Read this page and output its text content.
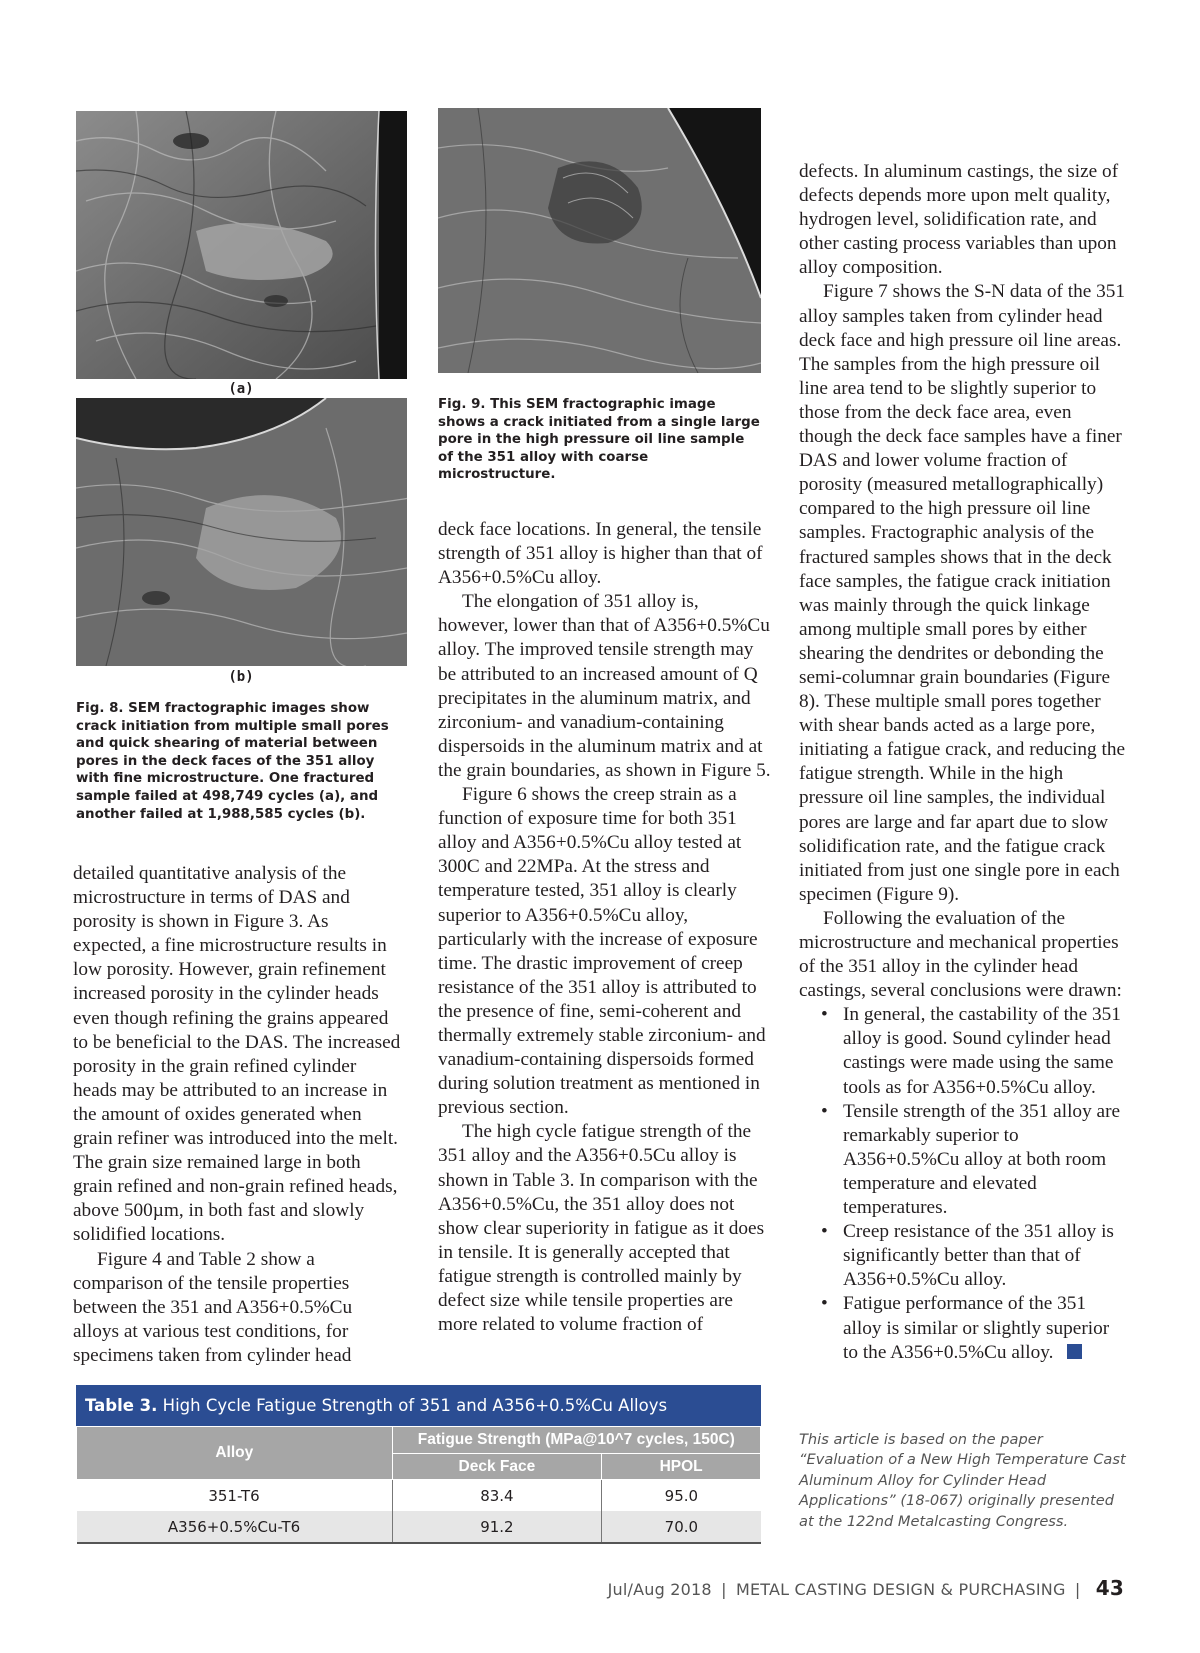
(a)
(b)

Fig. 8. SEM fractographic images show crack initiation from multiple small pores and quick shearing of material between pores in the deck faces of the 351 alloy with fine microstructure. One fractured sample failed at 498,749 cycles (a), and another failed at 1,988,585 cycles (b).

Fig. 9. This SEM fractographic image shows a crack initiated from a single large pore in the high pressure oil line sample of the 351 alloy with coarse microstructure.

detailed quantitative analysis of the microstructure in terms of DAS and porosity is shown in Figure 3. As expected, a fine microstructure results in low porosity. However, grain refinement increased porosity in the cylinder heads even though refining the grains appeared to be beneficial to the DAS. The increased porosity in the grain refined cylinder heads may be attributed to an increase in the amount of oxides generated when grain refiner was introduced into the melt. The grain size remained large in both grain refined and non-grain refined heads, above 500µm, in both fast and slowly solidified locations.

Figure 4 and Table 2 show a comparison of the tensile properties between the 351 and A356+0.5%Cu alloys at various test conditions, for specimens taken from cylinder head

deck face locations. In general, the tensile strength of 351 alloy is higher than that of A356+0.5%Cu alloy.

The elongation of 351 alloy is, however, lower than that of A356+0.5%Cu alloy. The improved tensile strength may be attributed to an increased amount of Q precipitates in the aluminum matrix, and zirconium- and vanadium-containing dispersoids in the aluminum matrix and at the grain boundaries, as shown in Figure 5.

Figure 6 shows the creep strain as a function of exposure time for both 351 alloy and A356+0.5%Cu alloy tested at 300C and 22MPa. At the stress and temperature tested, 351 alloy is clearly superior to A356+0.5%Cu alloy, particularly with the increase of exposure time. The drastic improvement of creep resistance of the 351 alloy is attributed to the presence of fine, semi-coherent and thermally extremely stable zirconium- and vanadium-containing dispersoids formed during solution treatment as mentioned in previous section.

The high cycle fatigue strength of the 351 alloy and the A356+0.5Cu alloy is shown in Table 3. In comparison with the A356+0.5%Cu, the 351 alloy does not show clear superiority in fatigue as it does in tensile. It is generally accepted that fatigue strength is controlled mainly by defect size while tensile properties are more related to volume fraction of

defects. In aluminum castings, the size of defects depends more upon melt quality, hydrogen level, solidification rate, and other casting process variables than upon alloy composition.

Figure 7 shows the S-N data of the 351 alloy samples taken from cylinder head deck face and high pressure oil line areas. The samples from the high pressure oil line area tend to be slightly superior to those from the deck face area, even though the deck face samples have a finer DAS and lower volume fraction of porosity (measured metallographically) compared to the high pressure oil line samples. Fractographic analysis of the fractured samples shows that in the deck face samples, the fatigue crack initiation was mainly through the quick linkage among multiple small pores by either shearing the dendrites or debonding the semi-columnar grain boundaries (Figure 8). These multiple small pores together with shear bands acted as a large pore, initiating a fatigue crack, and reducing the fatigue strength. While in the high pressure oil line samples, the individual pores are large and far apart due to slow solidification rate, and the fatigue crack initiated from just one single pore in each specimen (Figure 9).

Following the evaluation of the microstructure and mechanical properties of the 351 alloy in the cylinder head castings, several conclusions were drawn:

• In general, the castability of the 351 alloy is good. Sound cylinder head castings were made using the same tools as for A356+0.5%Cu alloy.
• Tensile strength of the 351 alloy are remarkably superior to A356+0.5%Cu alloy at both room temperature and elevated temperatures.
• Creep resistance of the 351 alloy is significantly better than that of A356+0.5%Cu alloy.
• Fatigue performance of the 351 alloy is similar or slightly superior to the A356+0.5%Cu alloy.

This article is based on the paper “Evaluation of a New High Temperature Cast Aluminum Alloy for Cylinder Head Applications” (18-067) originally presented at the 122nd Metalcasting Congress.

Table 3. High Cycle Fatigue Strength of 351 and A356+0.5%Cu Alloys
Alloy	Fatigue Strength (MPa@10^7 cycles, 150C)	
	Deck Face	HPOL
351-T6	83.4	95.0
A356+0.5%Cu-T6	91.2	70.0
Jul/Aug 2018 | METAL CASTING DESIGN & PURCHASING | 43
